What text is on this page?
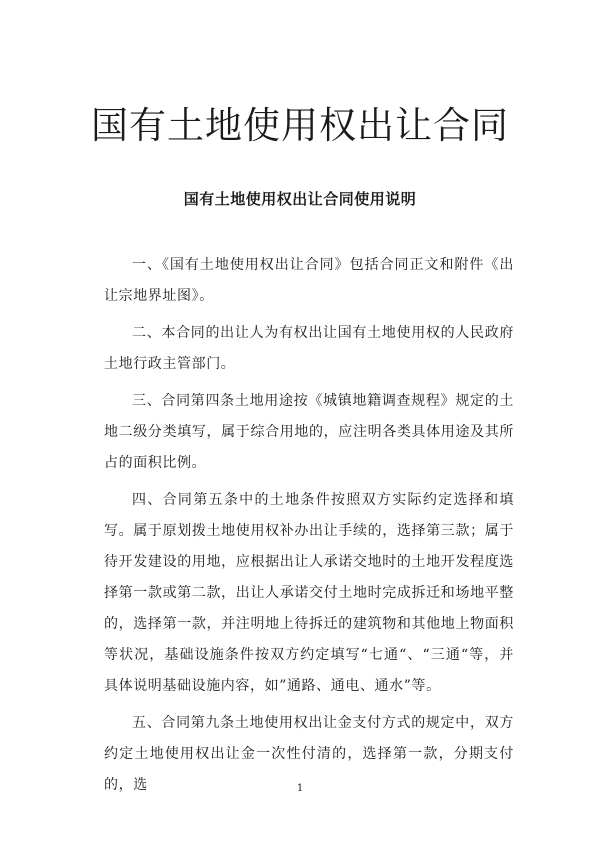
国有土地使用权出让合同
国有土地使用权出让合同使用说明

一、《国有土地使用权出让合同》包括合同正文和附件《出让宗地界址图》。

二、本合同的出让人为有权出让国有土地使用权的人民政府土地行政主管部门。

三、合同第四条土地用途按《城镇地籍调查规程》规定的土地二级分类填写，属于综合用地的，应注明各类具体用途及其所占的面积比例。

四、合同第五条中的土地条件按照双方实际约定选择和填写。属于原划拨土地使用权补办出让手续的，选择第三款；属于待开发建设的用地，应根据出让人承诺交地时的土地开发程度选择第一款或第二款，出让人承诺交付土地时完成拆迁和场地平整的，选择第一款，并注明地上待拆迁的建筑物和其他地上物面积等状况，基础设施条件按双方约定填写“七通“、“三通“等，并具体说明基础设施内容，如”通路、通电、通水”等。

五、合同第九条土地使用权出让金支付方式的规定中，双方约定土地使用权出让金一次性付清的，选择第一款，分期支付的，选	1
